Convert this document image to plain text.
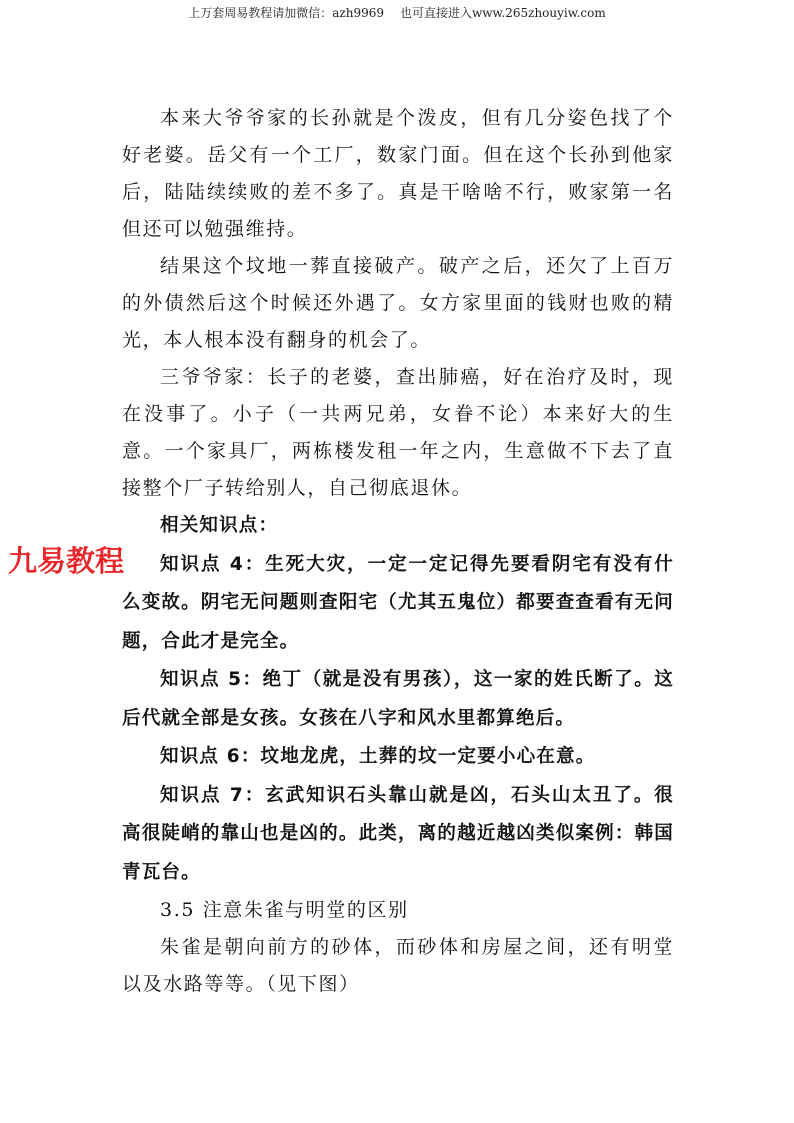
上万套周易教程请加微信：azh9969 也可直接进入www.265zhouyiw.com
九易教程

本来大爷爷家的长孙就是个泼皮，但有几分姿色找了个好老婆。岳父有一个工厂，数家门面。但在这个长孙到他家后，陆陆续续败的差不多了。真是干啥啥不行，败家第一名但还可以勉强维持。

结果这个坟地一葬直接破产。破产之后，还欠了上百万的外债然后这个时候还外遇了。女方家里面的钱财也败的精光，本人根本没有翻身的机会了。

三爷爷家：长子的老婆，查出肺癌，好在治疗及时，现在没事了。小子（一共两兄弟，女眷不论）本来好大的生意。一个家具厂，两栋楼发租一年之内，生意做不下去了直接整个厂子转给别人，自己彻底退休。

相关知识点：

知识点 4：生死大灾，一定一定记得先要看阴宅有没有什么变故。阴宅无问题则查阳宅（尤其五鬼位）都要查查看有无问题，合此才是完全。

知识点 5：绝丁（就是没有男孩），这一家的姓氏断了。这后代就全部是女孩。女孩在八字和风水里都算绝后。

知识点 6：坟地龙虎，土葬的坟一定要小心在意。

知识点 7：玄武知识石头靠山就是凶，石头山太丑了。很高很陡峭的靠山也是凶的。此类，离的越近越凶类似案例：韩国青瓦台。

3.5 注意朱雀与明堂的区别

朱雀是朝向前方的砂体，而砂体和房屋之间，还有明堂以及水路等等。（见下图）
